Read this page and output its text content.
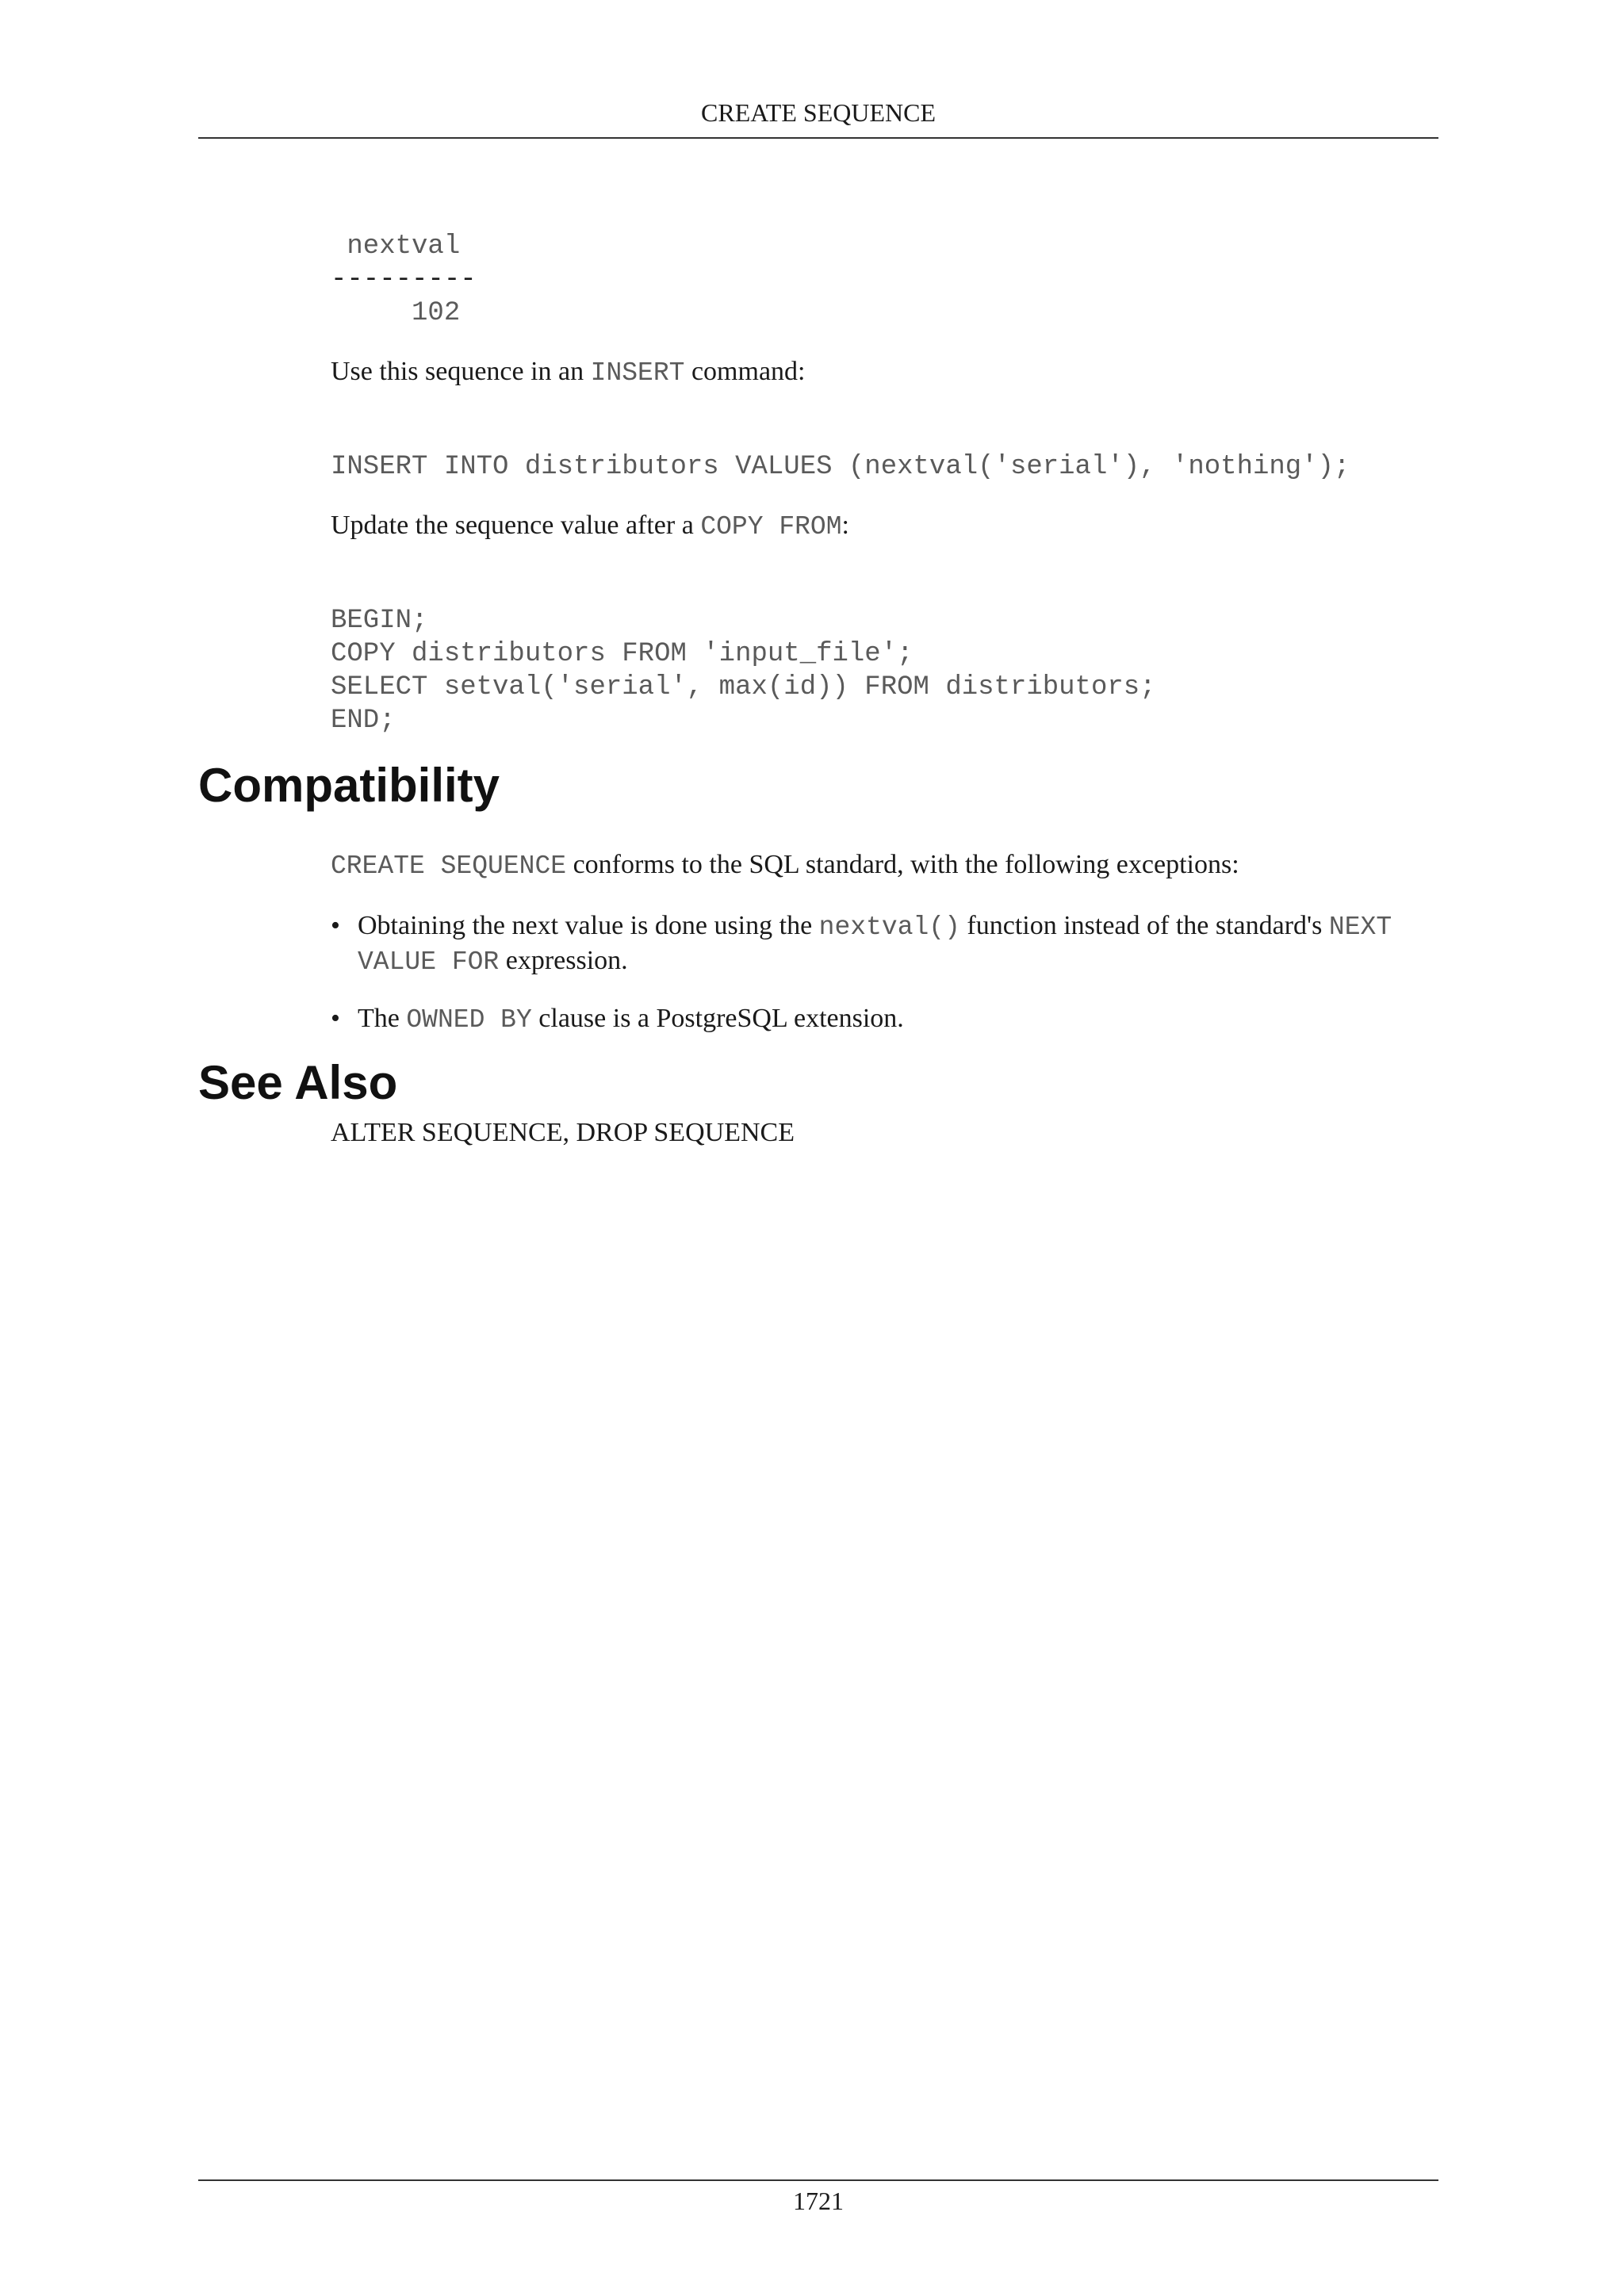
CREATE SEQUENCE
nextval
---------
102

Use this sequence in an INSERT command:

INSERT INTO distributors VALUES (nextval('serial'), 'nothing');

Update the sequence value after a COPY FROM:

BEGIN;
COPY distributors FROM 'input_file';
SELECT setval('serial', max(id)) FROM distributors;
END;
Compatibility

CREATE SEQUENCE conforms to the SQL standard, with the following exceptions:

• Obtaining the next value is done using the nextval() function instead of the standard's NEXT
VALUE FOR expression.
• The OWNED BY clause is a PostgreSQL extension.
See Also

ALTER SEQUENCE, DROP SEQUENCE

1721
